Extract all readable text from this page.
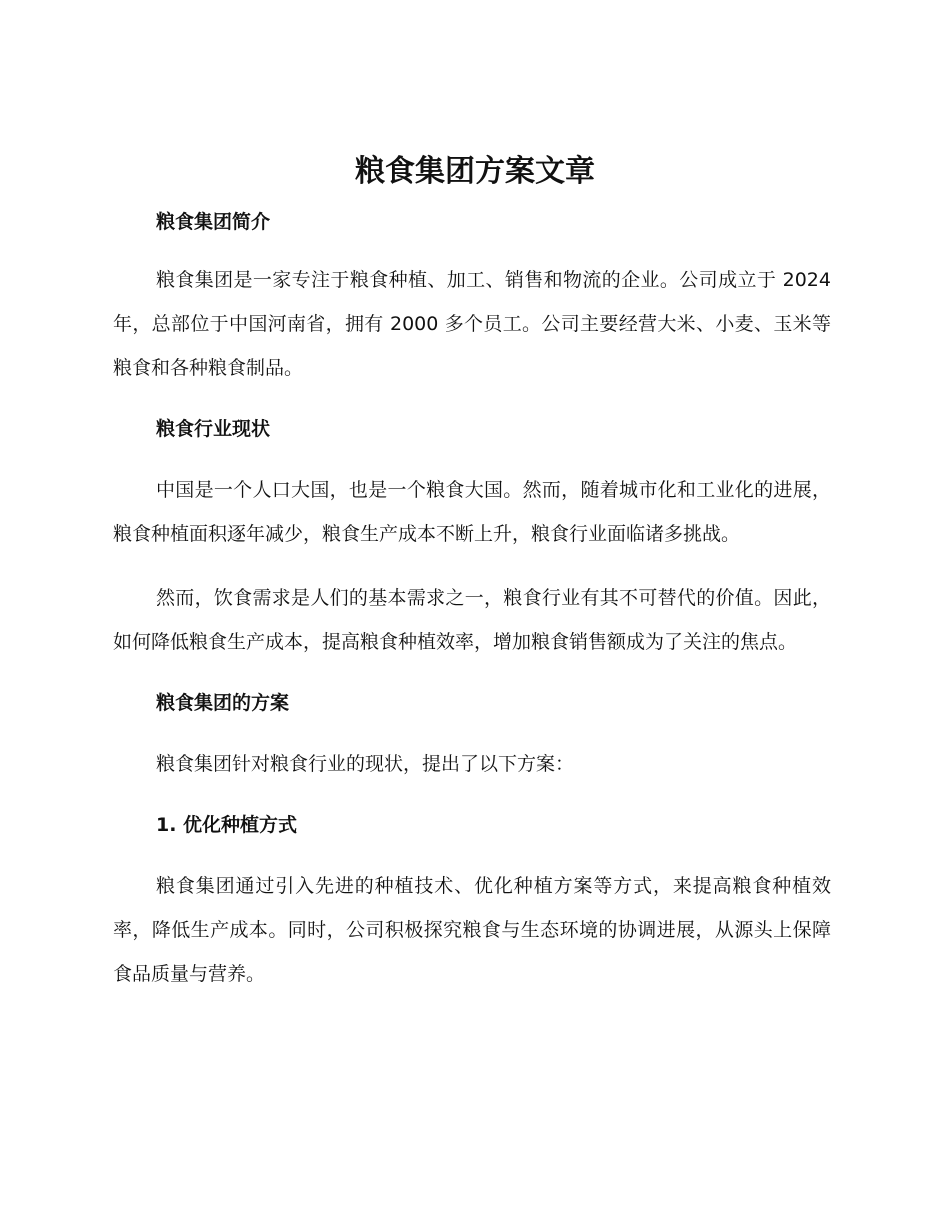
粮食集团方案文章

粮食集团简介

粮食集团是一家专注于粮食种植、加工、销售和物流的企业。公司成立于 2024 年，总部位于中国河南省，拥有 2000 多个员工。公司主要经营大米、小麦、玉米等粮食和各种粮食制品。

粮食行业现状

中国是一个人口大国，也是一个粮食大国。然而，随着城市化和工业化的进展，粮食种植面积逐年减少，粮食生产成本不断上升，粮食行业面临诸多挑战。

然而，饮食需求是人们的基本需求之一，粮食行业有其不可替代的价值。因此，如何降低粮食生产成本，提高粮食种植效率，增加粮食销售额成为了关注的焦点。

粮食集团的方案

粮食集团针对粮食行业的现状，提出了以下方案：

1. 优化种植方式

粮食集团通过引入先进的种植技术、优化种植方案等方式，来提高粮食种植效率，降低生产成本。同时，公司积极探究粮食与生态环境的协调进展，从源头上保障食品质量与营养。
